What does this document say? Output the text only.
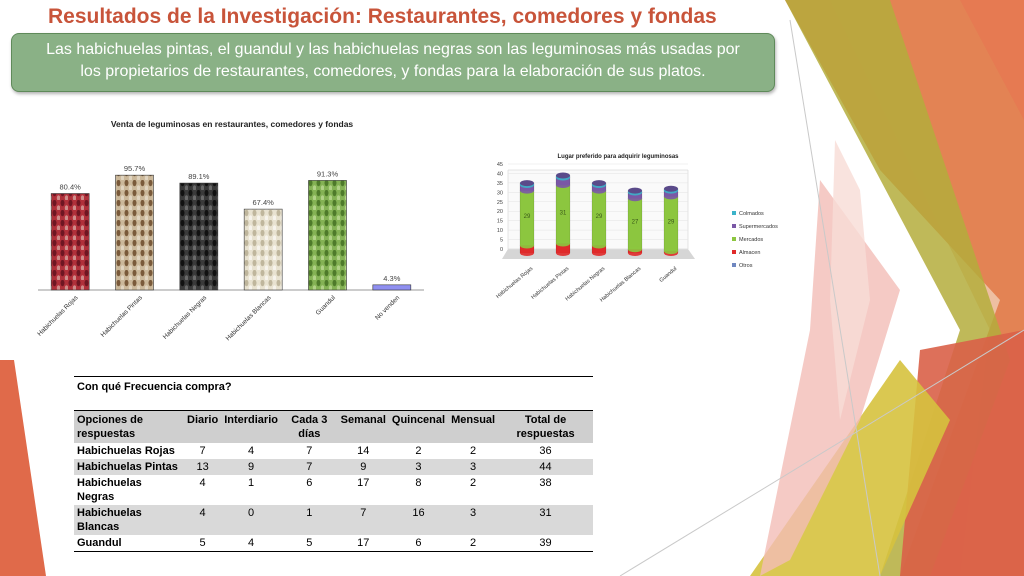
Resultados de la Investigación: Restaurantes, comedores y fondas
Las habichuelas pintas, el guandul y las habichuelas negras son las leguminosas más usadas por
los propietarios de restaurantes, comedores, y fondas para la elaboración de sus platos.
Venta de leguminosas en restaurantes, comedores y fondas
80.4%
Habichuelas Rojas
95.7%
Habichuelas Pintas
89.1%
Habichuelas Negras
67.4%
Habichuelas Blancas
91.3%
Guandul
4.3%
No venden
Lugar preferido para adquirir leguminosas
0
5
10
15
20
25
30
35
40
45
29
Habichuelas Rojas
31
Habichuelas Pintas
29
Habichuelas Negras
27
Habichuelas Blancas
29
Guandul
Colmados
Supermercados
Mercados
Almacen
Otros
Con qué Frecuencia compra?							
Opciones de respuestas	Diario	Interdiario	Cada 3 días	Semanal	Quincenal	Mensual	Total de respuestas
Habichuelas Rojas	7	4	7	14	2	2	36
Habichuelas Pintas	13	9	7	9	3	3	44
Habichuelas Negras	4	1	6	17	8	2	38
Habichuelas Blancas	4	0	1	7	16	3	31
Guandul	5	4	5	17	6	2	39
